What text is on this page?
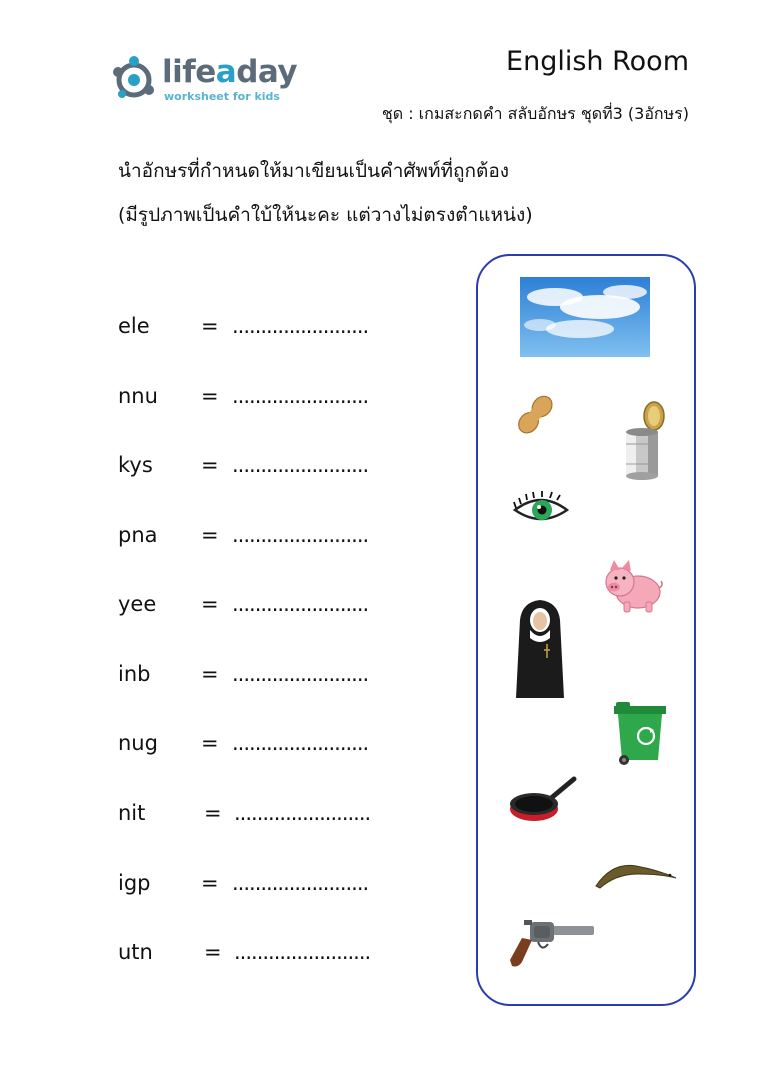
lifeaday
worksheet for kids
English Room
ชุด : เกมสะกดคำ สลับอักษร ชุดที่3 (3อักษร)
นำอักษรที่กำหนดให้มาเขียนเป็นคำศัพท์ที่ถูกต้อง
(มีรูปภาพเป็นคำใบ้ให้นะคะ แต่วางไม่ตรงตำแหน่ง)
ele = ........................
nnu = ........................
kys = ........................
pna = ........................
yee = ........................
inb = ........................
nug = ........................
nit	= ........................
igp = ........................
utn = ........................
